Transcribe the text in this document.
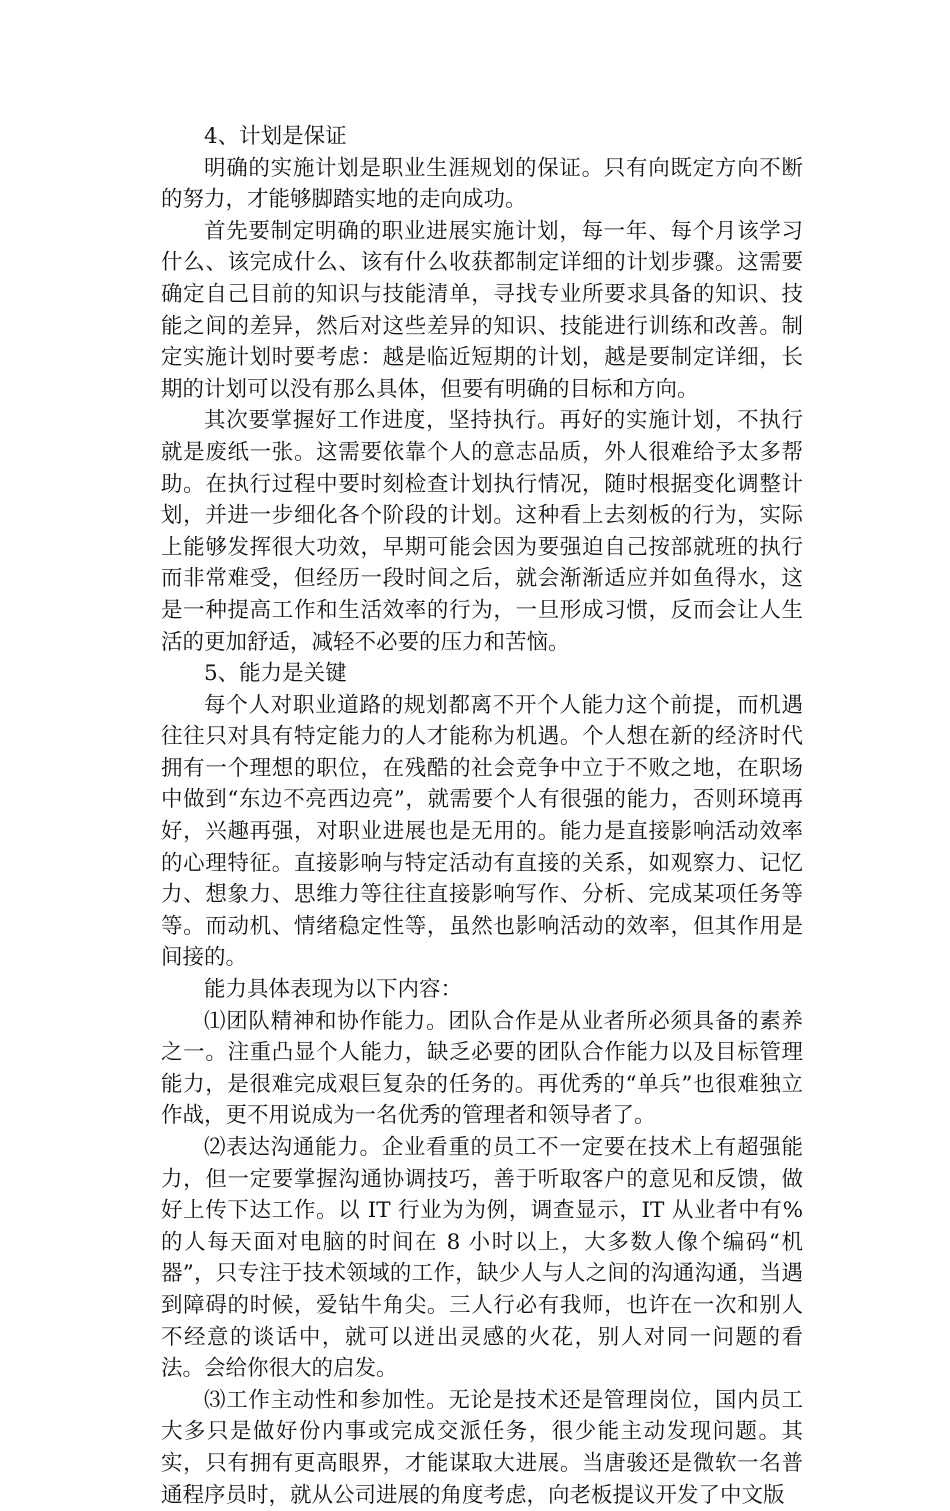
4、计划是保证

明确的实施计划是职业生涯规划的保证。只有向既定方向不断的努力，才能够脚踏实地的走向成功。

首先要制定明确的职业进展实施计划，每一年、每个月该学习什么、该完成什么、该有什么收获都制定详细的计划步骤。这需要确定自己目前的知识与技能清单，寻找专业所要求具备的知识、技能之间的差异，然后对这些差异的知识、技能进行训练和改善。制定实施计划时要考虑：越是临近短期的计划，越是要制定详细，长期的计划可以没有那么具体，但要有明确的目标和方向。

其次要掌握好工作进度，坚持执行。再好的实施计划，不执行就是废纸一张。这需要依靠个人的意志品质，外人很难给予太多帮助。在执行过程中要时刻检查计划执行情况，随时根据变化调整计划，并进一步细化各个阶段的计划。这种看上去刻板的行为，实际上能够发挥很大功效，早期可能会因为要强迫自己按部就班的执行而非常难受，但经历一段时间之后，就会渐渐适应并如鱼得水，这是一种提高工作和生活效率的行为，一旦形成习惯，反而会让人生活的更加舒适，减轻不必要的压力和苦恼。

5、能力是关键

每个人对职业道路的规划都离不开个人能力这个前提，而机遇往往只对具有特定能力的人才能称为机遇。个人想在新的经济时代拥有一个理想的职位，在残酷的社会竞争中立于不败之地，在职场中做到“东边不亮西边亮”，就需要个人有很强的能力，否则环境再好，兴趣再强，对职业进展也是无用的。能力是直接影响活动效率的心理特征。直接影响与特定活动有直接的关系，如观察力、记忆力、想象力、思维力等往往直接影响写作、分析、完成某项任务等等。而动机、情绪稳定性等，虽然也影响活动的效率，但其作用是间接的。

能力具体表现为以下内容：

⑴团队精神和协作能力。团队合作是从业者所必须具备的素养之一。注重凸显个人能力，缺乏必要的团队合作能力以及目标管理能力，是很难完成艰巨复杂的任务的。再优秀的“单兵”也很难独立作战，更不用说成为一名优秀的管理者和领导者了。

⑵表达沟通能力。企业看重的员工不一定要在技术上有超强能力，但一定要掌握沟通协调技巧，善于听取客户的意见和反馈，做好上传下达工作。以 IT 行业为为例，调查显示，IT 从业者中有%的人每天面对电脑的时间在 8 小时以上，大多数人像个编码“机器”，只专注于技术领域的工作，缺少人与人之间的沟通沟通，当遇到障碍的时候，爱钻牛角尖。三人行必有我师，也许在一次和别人不经意的谈话中，就可以迸出灵感的火花，别人对同一问题的看法。会给你很大的启发。

⑶工作主动性和参加性。无论是技术还是管理岗位，国内员工大多只是做好份内事或完成交派任务，很少能主动发现问题。其实，只有拥有更高眼界，才能谋取大进展。当唐骏还是微软一名普通程序员时，就从公司进展的角度考虑，向老板提议开发了中文版
